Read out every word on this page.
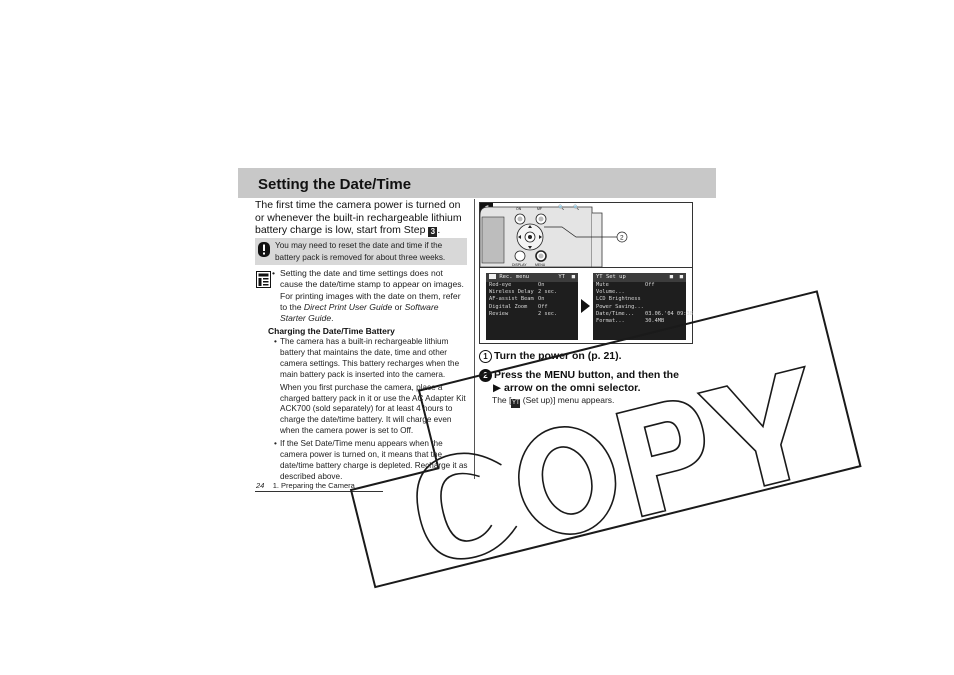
Setting the Date/Time
The first time the camera power is turned on or whenever the built-in rechargeable lithium battery charge is low, start from Step 3 .
You may need to reset the date and time if the battery pack is removed for about three weeks.
• Setting the date and time settings does not cause the date/time stamp to appear on images. For printing images with the date on them, refer to the Direct Print User Guide or Software Starter Guide.
Charging the Date/Time Battery

• The camera has a built-in rechargeable lithium battery that maintains the date, time and other camera settings. This battery recharges when the main battery pack is inserted into the camera.

When you first purchase the camera, place a charged battery pack in it or use the AC Adapter Kit ACK700 (sold separately) for at least 4 hours to charge the date/time battery. It will charge even when the camera power is set to Off.

• If the Set Date/Time menu appears when the camera power is turned on, it means that the date/time battery charge is depleted. Recharge it as described above.

24 1. Preparing the Camera
ON	MF	🔍 🔍
DISPLAY MENU
2
Rec. menu	YT ■
Red-eye	On
Wireless Delay 2 sec.
AF-assist Beam On
Digital Zoom Off
Review	2 sec.
YT Set up	■ ■
Mute	Off
Volume...
LCD Brightness
Power Saving...
Date/Time... 03.06.'04 09:38
Format...	30.4MB
1 Turn the power on (p. 21).
2 Press the MENU button, and then the
▶ arrow on the omni selector.
The [YT (Set up)] menu appears.
